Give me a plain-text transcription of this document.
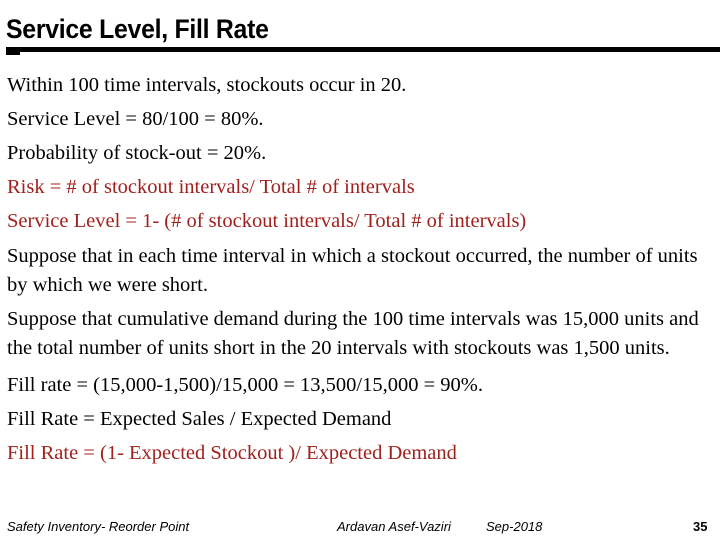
Service Level, Fill Rate
Within 100 time intervals, stockouts occur in 20.
Service Level = 80/100 = 80%.
Probability of stock-out = 20%.
Risk = # of stockout intervals/ Total # of intervals
Service Level = 1- (# of stockout intervals/ Total # of intervals)
Suppose that in each time interval in which a stockout occurred, the number of units by which we were short.
Suppose that cumulative demand during the 100 time intervals was 15,000 units and the total number of units short in the 20 intervals with stockouts was 1,500 units.
Fill rate = (15,000-1,500)/15,000 = 13,500/15,000 = 90%.
Fill Rate = Expected Sales / Expected Demand
Fill Rate = (1- Expected Stockout )/ Expected Demand
Safety Inventory- Reorder Point	Ardavan Asef-Vaziri	Sep-2018	35
